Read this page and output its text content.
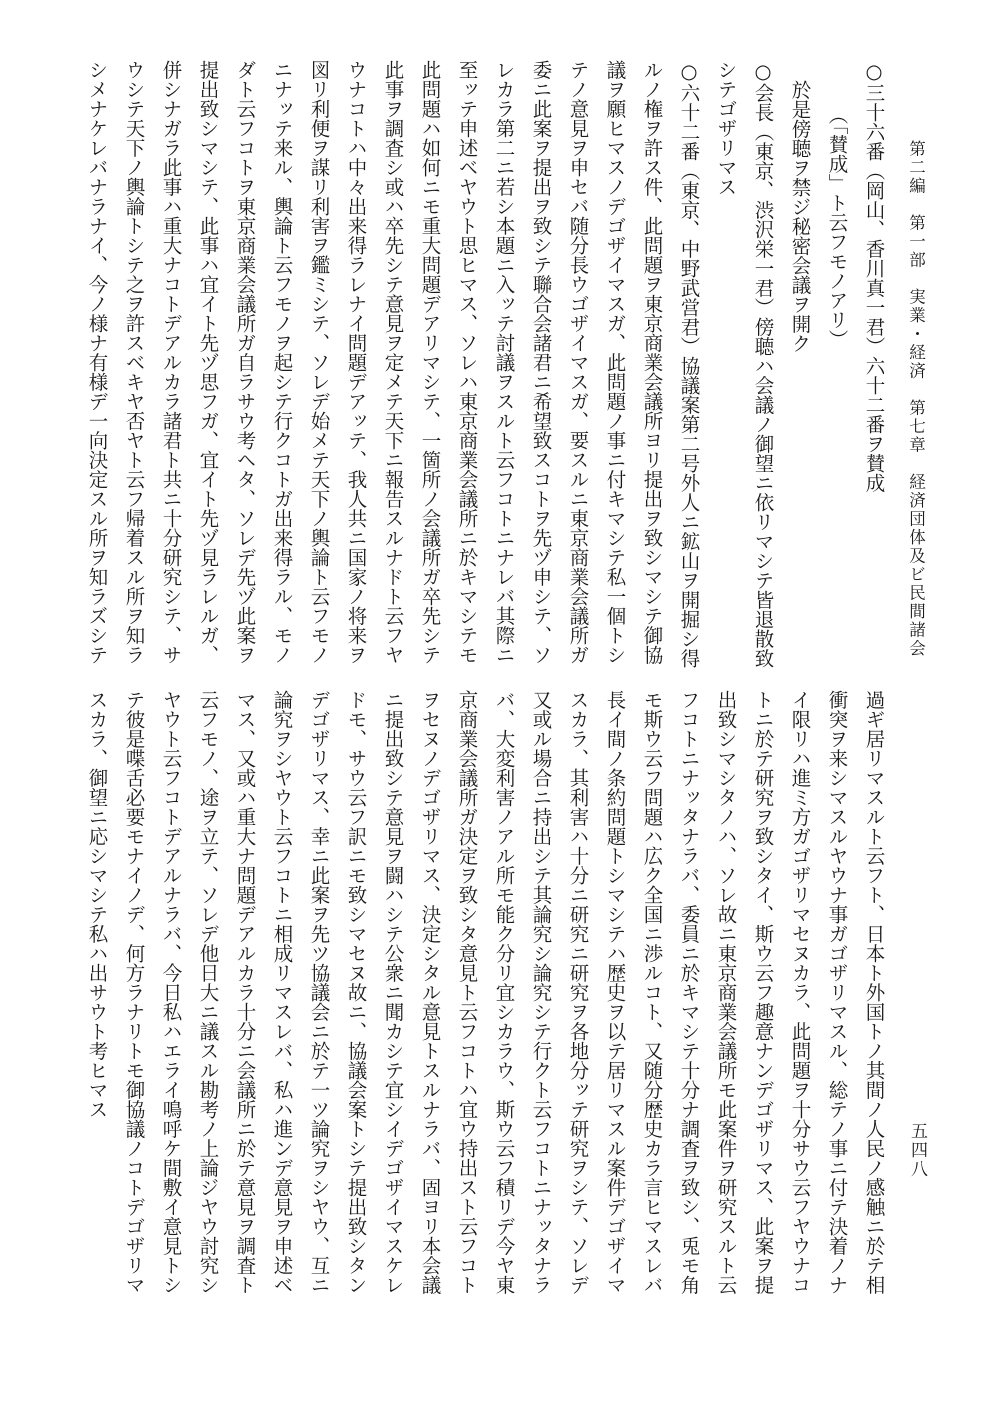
第二編　第一部　実業・経済　第七章　経済団体及ビ民間諸会
五四八
○三十六番（岡山、香川真一君）六十二番ヲ賛成
（「賛成」ト云フモノアリ）
於是傍聴ヲ禁ジ秘密会議ヲ開ク
○会長（東京、渋沢栄一君）傍聴ハ会議ノ御望ニ依リマシテ皆退散致
シテゴザリマス
○六十二番（東京、中野武営君）協議案第二号外人ニ鉱山ヲ開掘シ得
ルノ権ヲ許ス件、此問題ヲ東京商業会議所ヨリ提出ヲ致シマシテ御協
議ヲ願ヒマスノデゴザイマスガ、此問題ノ事ニ付キマシテ私一個トシ
テノ意見ヲ申セバ随分長ウゴザイマスガ、要スルニ東京商業会議所ガ
委ニ此案ヲ提出ヲ致シテ聯合会諸君ニ希望致スコトヲ先ヅ申シテ、ソ
レカラ第二ニ若シ本題ニ入ッテ討議ヲスルト云フコトニナレバ其際ニ
至ッテ申述ベヤウト思ヒマス、ソレハ東京商業会議所ニ於キマシテモ
此問題ハ如何ニモ重大問題デアリマシテ、一箇所ノ会議所ガ卒先シテ
此事ヲ調査シ或ハ卒先シテ意見ヲ定メテ天下ニ報告スルナドト云フヤ
ウナコトハ中々出来得ラレナイ問題デアッテ、我人共ニ国家ノ将来ヲ
図リ利便ヲ謀リ利害ヲ鑑ミシテ、ソレデ始メテ天下ノ輿論ト云フモノ
ニナッテ来ル、輿論ト云フモノヲ起シテ行クコトガ出来得ラル、モノ
ダト云フコトヲ東京商業会議所ガ自ラサウ考ヘタ、ソレデ先ヅ此案ヲ
提出致シマシテ、此事ハ宜イト先ヅ思フガ、宜イト先ヅ見ラレルガ、
併シナガラ此事ハ重大ナコトデアルカラ諸君ト共ニ十分研究シテ、サ
ウシテ天下ノ輿論トシテ之ヲ許スベキヤ否ヤト云フ帰着スル所ヲ知ラ
シメナケレバナラナイ、今ノ様ナ有様デ一向決定スル所ヲ知ラズシテ
過ギ居リマスルト云フト、日本ト外国トノ其間ノ人民ノ感触ニ於テ相
衝突ヲ来シマスルヤウナ事ガゴザリマスル、総テノ事ニ付テ決着ノナ
イ限リハ進ミ方ガゴザリマセヌカラ、此問題ヲ十分サウ云フヤウナコ
トニ於テ研究ヲ致シタイ、斯ウ云フ趣意ナンデゴザリマス、此案ヲ提
出致シマシタノハ、ソレ故ニ東京商業会議所モ此案件ヲ研究スルト云
フコトニナッタナラバ、委員ニ於キマシテ十分ナ調査ヲ致シ、兎モ角
モ斯ウ云フ問題ハ広ク全国ニ渉ルコト、又随分歴史カラ言ヒマスレバ
長イ間ノ条約問題トシマシテハ歴史ヲ以テ居リマスル案件デゴザイマ
スカラ、其利害ハ十分ニ研究ニ研究ヲ各地分ッテ研究ヲシテ、ソレデ
又或ル場合ニ持出シテ其論究シ論究シテ行クト云フコトニナッタナラ
バ、大変利害ノアル所モ能ク分リ宜シカラウ、斯ウ云フ積リデ今ヤ東
京商業会議所ガ決定ヲ致シタ意見ト云フコトハ宜ウ持出スト云フコト
ヲセヌノデゴザリマス、決定シタル意見トスルナラバ、固ヨリ本会議
ニ提出致シテ意見ヲ闘ハシテ公衆ニ聞カシテ宜シイデゴザイマスケレ
ドモ、サウ云フ訳ニモ致シマセヌ故ニ、協議会案トシテ提出致シタン
デゴザリマス、幸ニ此案ヲ先ツ協議会ニ於テ一ツ論究ヲシヤウ、互ニ
論究ヲシヤウト云フコトニ相成リマスレバ、私ハ進ンデ意見ヲ申述ベ
マス、又或ハ重大ナ問題デアルカラ十分ニ会議所ニ於テ意見ヲ調査ト
云フモノ、途ヲ立テ、ソレデ他日大ニ議スル勘考ノ上論ジヤウ討究シ
ヤウト云フコトデアルナラバ、今日私ハエライ鳴呼ケ間敷イ意見トシ
テ彼是喋舌必要モナイノデ、何方ラナリトモ御協議ノコトデゴザリマ
スカラ、御望ニ応シマシテ私ハ出サウト考ヒマス
